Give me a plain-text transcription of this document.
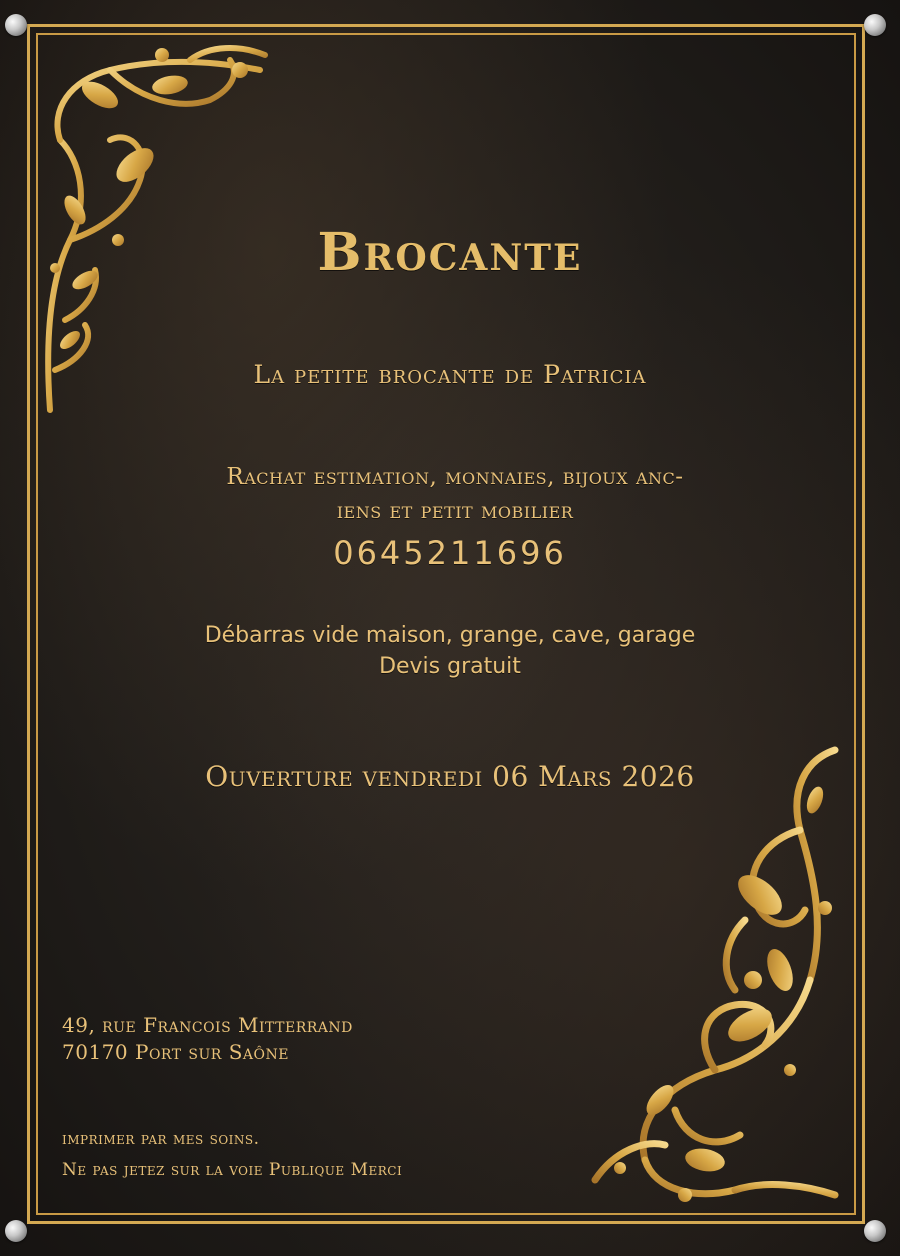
Brocante
La petite brocante de Patricia
Rachat estimation, monnaies, bijoux anc-
iens et petit mobilier
0645211696
Débarras vide maison, grange, cave, garage
Devis gratuit
Ouverture vendredi 06 Mars 2026
49, rue Francois Mitterrand
70170 Port sur Saône
imprimer par mes soins.
Ne pas jetez sur la voie Publique Merci
